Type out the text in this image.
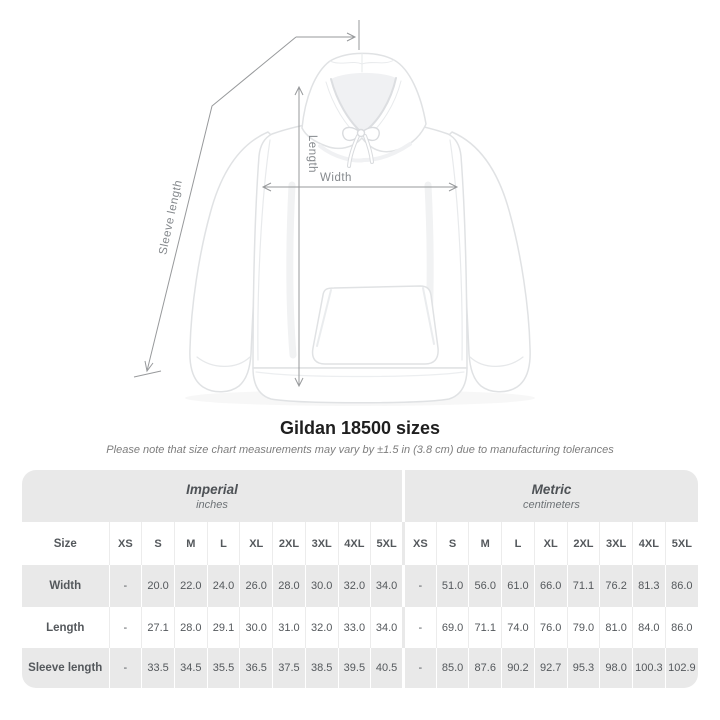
Sleeve length
Length
Width
Gildan 18500 sizes

Please note that size chart measurements may vary by ±1.5 in (3.8 cm) due to manufacturing tolerances

Imperial
inches

Metric
centimeters

Size	XS	S	M	L	XL	2XL	3XL	4XL	5XL	XS	S	M	L	XL	2XL	3XL	4XL	5XL
Width	-	20.0	22.0	24.0	26.0	28.0	30.0	32.0	34.0	-	51.0	56.0	61.0	66.0	71.1	76.2	81.3	86.0
Length	-	27.1	28.0	29.1	30.0	31.0	32.0	33.0	34.0	-	69.0	71.1	74.0	76.0	79.0	81.0	84.0	86.0
Sleeve length	-	33.5	34.5	35.5	36.5	37.5	38.5	39.5	40.5	-	85.0	87.6	90.2	92.7	95.3	98.0	100.3	102.9
